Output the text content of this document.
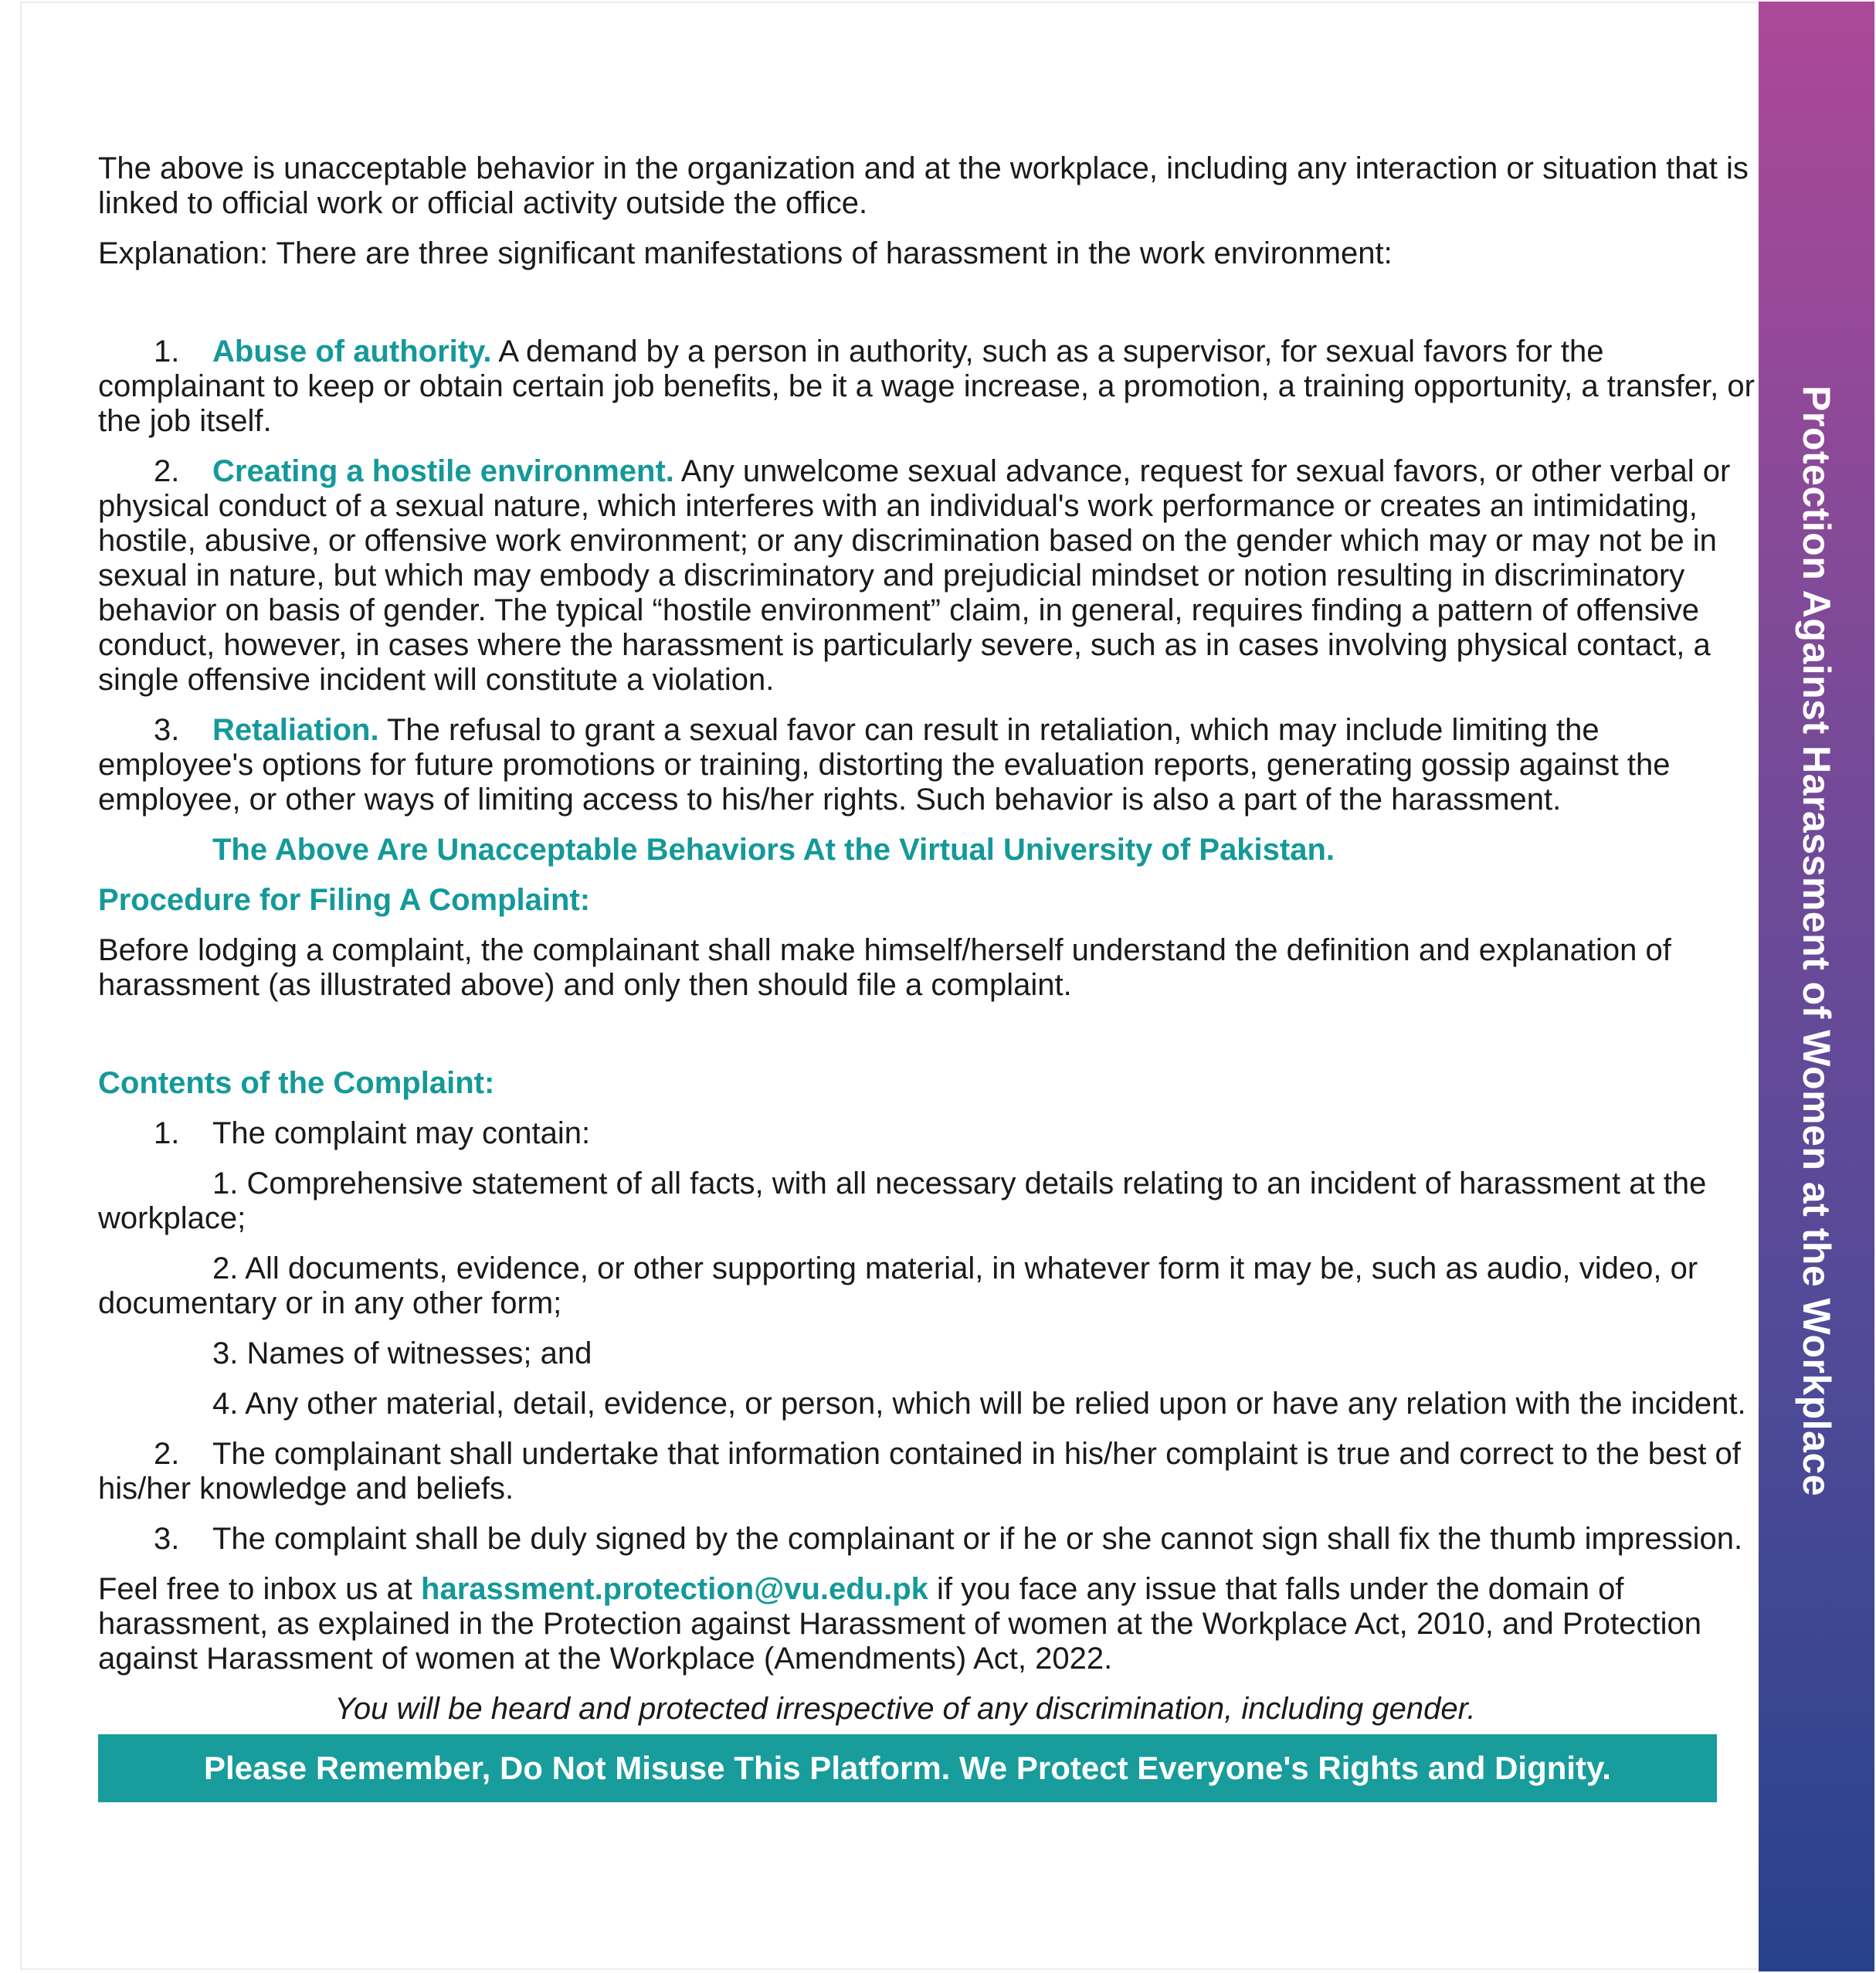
The above is unacceptable behavior in the organization and at the workplace, including any interaction or situation that is linked to official work or official activity outside the office.

Explanation: There are three significant manifestations of harassment in the work environment:

1. Abuse of authority. A demand by a person in authority, such as a supervisor, for sexual favors for the complainant to keep or obtain certain job benefits, be it a wage increase, a promotion, a training opportunity, a transfer, or the job itself.

2. Creating a hostile environment. Any unwelcome sexual advance, request for sexual favors, or other verbal or physical conduct of a sexual nature, which interferes with an individual's work performance or creates an intimidating, hostile, abusive, or offensive work environment; or any discrimination based on the gender which may or may not be in sexual in nature, but which may embody a discriminatory and prejudicial mindset or notion resulting in discriminatory behavior on basis of gender. The typical “hostile environment” claim, in general, requires finding a pattern of offensive conduct, however, in cases where the harassment is particularly severe, such as in cases involving physical contact, a single offensive incident will constitute a violation.

3. Retaliation. The refusal to grant a sexual favor can result in retaliation, which may include limiting the employee's options for future promotions or training, distorting the evaluation reports, generating gossip against the employee, or other ways of limiting access to his/her rights. Such behavior is also a part of the harassment.

The Above Are Unacceptable Behaviors At the Virtual University of Pakistan.

Procedure for Filing A Complaint:

Before lodging a complaint, the complainant shall make himself/herself understand the definition and explanation of harassment (as illustrated above) and only then should file a complaint.

Contents of the Complaint:

1. The complaint may contain:

1. Comprehensive statement of all facts, with all necessary details relating to an incident of harassment at the workplace;

2. All documents, evidence, or other supporting material, in whatever form it may be, such as audio, video, or documentary or in any other form;

3. Names of witnesses; and

4. Any other material, detail, evidence, or person, which will be relied upon or have any relation with the incident.

2. The complainant shall undertake that information contained in his/her complaint is true and correct to the best of his/her knowledge and beliefs.

3. The complaint shall be duly signed by the complainant or if he or she cannot sign shall fix the thumb impression.

Feel free to inbox us at harassment.protection@vu.edu.pk if you face any issue that falls under the domain of harassment, as explained in the Protection against Harassment of women at the Workplace Act, 2010, and Protection against Harassment of women at the Workplace (Amendments) Act, 2022.

You will be heard and protected irrespective of any discrimination, including gender.

Please Remember, Do Not Misuse This Platform. We Protect Everyone's Rights and Dignity.
Protection Against Harassment of Women at the Workplace
